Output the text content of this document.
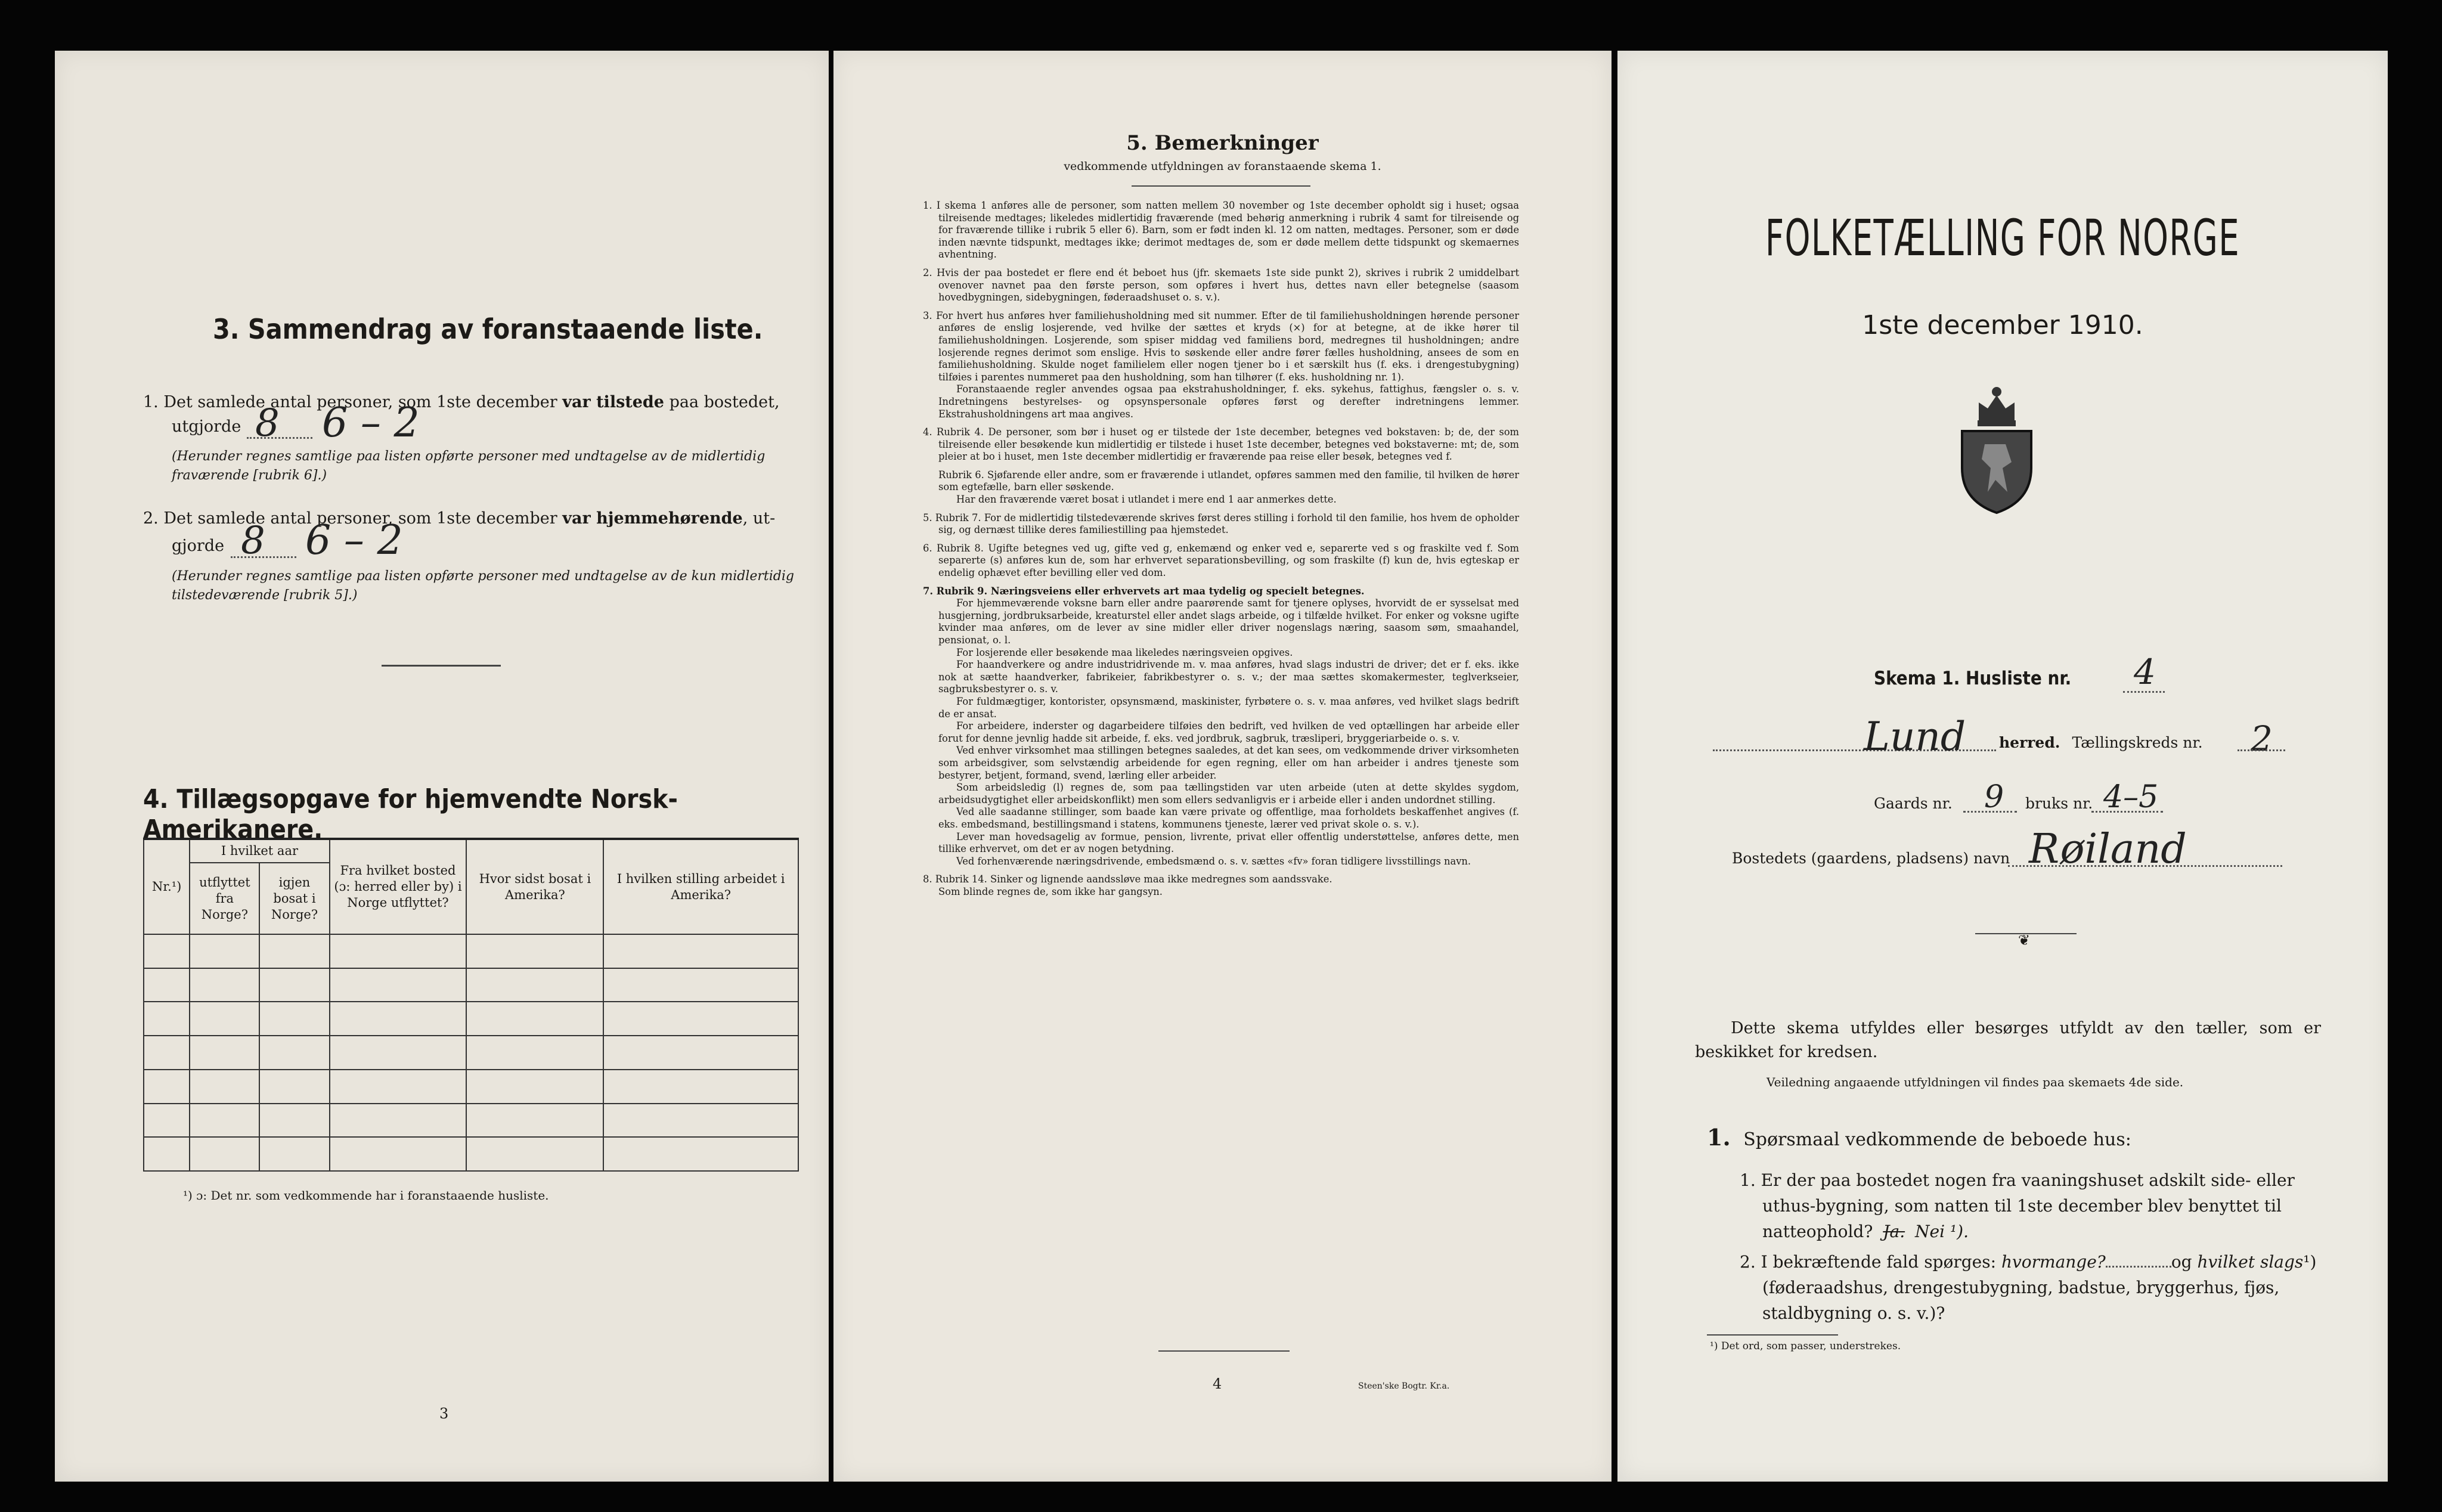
3. Sammendrag av foranstaaende liste.
1. Det samlede antal personer, som 1ste december var tilstede paa bostedet,
utgjorde 8 6 – 2
(Herunder regnes samtlige paa listen opførte personer med undtagelse av de midlertidig fraværende [rubrik 6].)
2. Det samlede antal personer, som 1ste december var hjemmehørende, ut-
gjorde 8 6 – 2
(Herunder regnes samtlige paa listen opførte personer med undtagelse av de kun midlertidig tilstedeværende [rubrik 5].)
4. Tillægsopgave for hjemvendte Norsk-Amerikanere.
Nr.¹)	I hvilket aar		Fra hvilket bosted (ɔ: herred eller by) i Norge utflyttet?	Hvor sidst bosat i Amerika?	I hvilken stilling arbeidet i Amerika?
	utflyttet fra Norge?	igjen bosat i Norge?			

¹) ɔ: Det nr. som vedkommende har i foranstaaende husliste.
3
5. Bemerkninger
vedkommende utfyldningen av foranstaaende skema 1.

1. I skema 1 anføres alle de personer, som natten mellem 30 november og 1ste december opholdt sig i huset; ogsaa tilreisende medtages; likeledes midlertidig fraværende (med behørig anmerkning i rubrik 4 samt for tilreisende og for fraværende tillike i rubrik 5 eller 6). Barn, som er født inden kl. 12 om natten, medtages. Personer, som er døde inden nævnte tidspunkt, medtages ikke; derimot medtages de, som er døde mellem dette tidspunkt og skemaernes avhentning.

2. Hvis der paa bostedet er flere end ét beboet hus (jfr. skemaets 1ste side punkt 2), skrives i rubrik 2 umiddelbart ovenover navnet paa den første person, som opføres i hvert hus, dettes navn eller betegnelse (saasom hovedbygningen, sidebygningen, føderaadshuset o. s. v.).

3. For hvert hus anføres hver familiehusholdning med sit nummer. Efter de til familiehusholdningen hørende personer anføres de enslig losjerende, ved hvilke der sættes et kryds (×) for at betegne, at de ikke hører til familiehusholdningen. Losjerende, som spiser middag ved familiens bord, medregnes til husholdningen; andre losjerende regnes derimot som enslige. Hvis to søskende eller andre fører fælles husholdning, ansees de som en familiehusholdning. Skulde noget familielem eller nogen tjener bo i et særskilt hus (f. eks. i drengestubygning) tilføies i parentes nummeret paa den husholdning, som han tilhører (f. eks. husholdning nr. 1).

Foranstaaende regler anvendes ogsaa paa ekstrahusholdninger, f. eks. sykehus, fattighus, fængsler o. s. v. Indretningens bestyrelses- og opsynspersonale opføres først og derefter indretningens lemmer. Ekstrahusholdningens art maa angives.

4. Rubrik 4. De personer, som bør i huset og er tilstede der 1ste december, betegnes ved bokstaven: b; de, der som tilreisende eller besøkende kun midlertidig er tilstede i huset 1ste december, betegnes ved bokstaverne: mt; de, som pleier at bo i huset, men 1ste december midlertidig er fraværende paa reise eller besøk, betegnes ved f.

Rubrik 6. Sjøfarende eller andre, som er fraværende i utlandet, opføres sammen med den familie, til hvilken de hører som egtefælle, barn eller søskende.

Har den fraværende været bosat i utlandet i mere end 1 aar anmerkes dette.

5. Rubrik 7. For de midlertidig tilstedeværende skrives først deres stilling i forhold til den familie, hos hvem de opholder sig, og dernæst tillike deres familiestilling paa hjemstedet.

6. Rubrik 8. Ugifte betegnes ved ug, gifte ved g, enkemænd og enker ved e, separerte ved s og fraskilte ved f. Som separerte (s) anføres kun de, som har erhvervet separationsbevilling, og som fraskilte (f) kun de, hvis egteskap er endelig ophævet efter bevilling eller ved dom.

7. Rubrik 9. Næringsveiens eller erhvervets art maa tydelig og specielt betegnes.

For hjemmeværende voksne barn eller andre paarørende samt for tjenere oplyses, hvorvidt de er sysselsat med husgjerning, jordbruksarbeide, kreaturstel eller andet slags arbeide, og i tilfælde hvilket. For enker og voksne ugifte kvinder maa anføres, om de lever av sine midler eller driver nogenslags næring, saasom søm, smaahandel, pensionat, o. l.

For losjerende eller besøkende maa likeledes næringsveien opgives.

For haandverkere og andre industridrivende m. v. maa anføres, hvad slags industri de driver; det er f. eks. ikke nok at sætte haandverker, fabrikeier, fabrikbestyrer o. s. v.; der maa sættes skomakermester, teglverkseier, sagbruksbestyrer o. s. v.

For fuldmægtiger, kontorister, opsynsmænd, maskinister, fyrbøtere o. s. v. maa anføres, ved hvilket slags bedrift de er ansat.

For arbeidere, inderster og dagarbeidere tilføies den bedrift, ved hvilken de ved optællingen har arbeide eller forut for denne jevnlig hadde sit arbeide, f. eks. ved jordbruk, sagbruk, træsliperi, bryggeriarbeide o. s. v.

Ved enhver virksomhet maa stillingen betegnes saaledes, at det kan sees, om vedkommende driver virksomheten som arbeidsgiver, som selvstændig arbeidende for egen regning, eller om han arbeider i andres tjeneste som bestyrer, betjent, formand, svend, lærling eller arbeider.

Som arbeidsledig (l) regnes de, som paa tællingstiden var uten arbeide (uten at dette skyldes sygdom, arbeidsudygtighet eller arbeidskonflikt) men som ellers sedvanligvis er i arbeide eller i anden undordnet stilling.

Ved alle saadanne stillinger, som baade kan være private og offentlige, maa forholdets beskaffenhet angives (f. eks. embedsmand, bestillingsmand i statens, kommunens tjeneste, lærer ved privat skole o. s. v.).

Lever man hovedsagelig av formue, pension, livrente, privat eller offentlig understøttelse, anføres dette, men tillike erhvervet, om det er av nogen betydning.

Ved forhenværende næringsdrivende, embedsmænd o. s. v. sættes «fv» foran tidligere livsstillings navn.

8. Rubrik 14. Sinker og lignende aandssløve maa ikke medregnes som aandssvake.

Som blinde regnes de, som ikke har gangsyn.

4	Steen'ske Bogtr. Kr.a.
FOLKETÆLLING FOR NORGE
1ste december 1910.
Skema 1. Husliste nr. 4
Lund herred. Tællingskreds nr. 2
Gaards nr. 9 bruks nr. 4–5
Bostedets (gaardens, pladsens) navn Røiland
❦
Dette skema utfyldes eller besørges utfyldt av den tæller, som er beskikket for kredsen.
Veiledning angaaende utfyldningen vil findes paa skemaets 4de side.
1. Spørsmaal vedkommende de beboede hus:
1. Er der paa bostedet nogen fra vaaningshuset adskilt side- eller uthus-bygning, som natten til 1ste december blev benyttet til natteophold? Ja. Nei ¹).
2. I bekræftende fald spørges: hvormange?	og hvilket slags¹) (føderaadshus, drengestubygning, badstue, bryggerhus, fjøs, staldbygning o. s. v.)?
¹) Det ord, som passer, understrekes.
